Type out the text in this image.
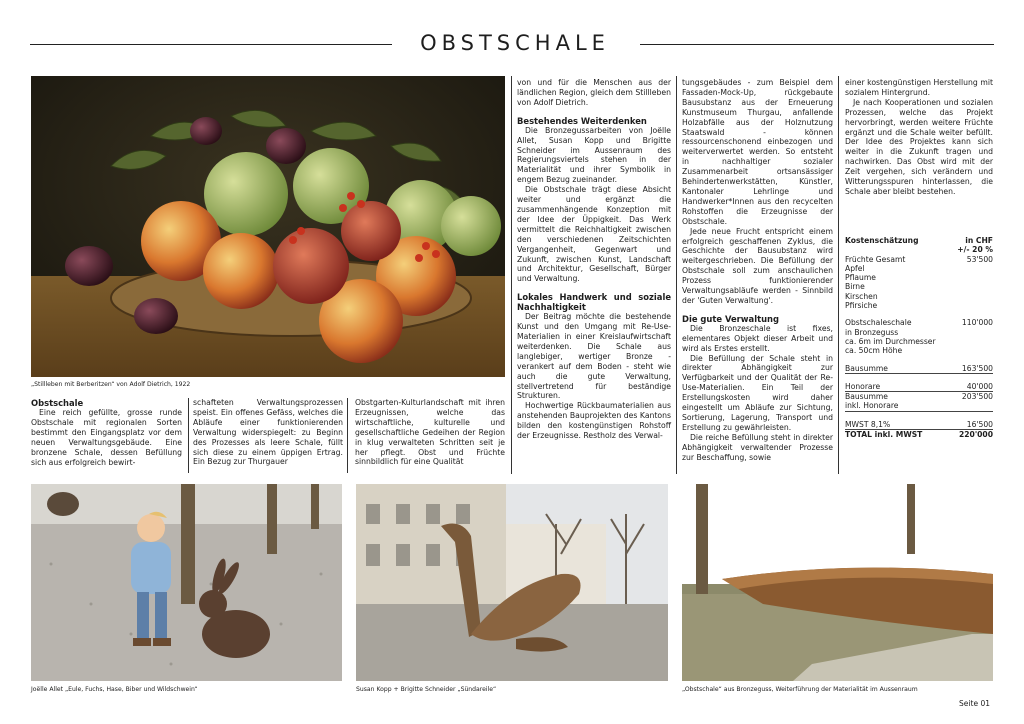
OBSTSCHALE
„Stillleben mit Berberitzen“ von Adolf Dietrich, 1922
Obstschale

Eine reich gefüllte, grosse runde Obstschale mit regionalen Sorten bestimmt den Eingangsplatz vor dem neuen Verwaltungsgebäude. Eine bronzene Schale, dessen Befüllung sich aus erfolgreich bewirt-

schafteten Verwaltungsprozessen speist. Ein offenes Gefäss, welches die Abläufe einer funktionierenden Verwaltung widerspiegelt: zu Beginn des Prozesses als leere Schale, füllt sich diese zu einem üppigen Ertrag. Ein Bezug zur Thurgauer

Obstgarten-Kulturlandschaft mit ihren Erzeugnissen, welche das wirtschaftliche, kulturelle und gesellschaftliche Gedeihen der Region in klug verwalteten Schritten seit je her pflegt. Obst und Früchte sinnbildlich für eine Qualität

von und für die Menschen aus der ländlichen Region, gleich dem Stillleben von Adolf Dietrich.

Bestehendes Weiterdenken

Die Bronzegussarbeiten von Joëlle Allet, Susan Kopp und Brigitte Schneider im Aussenraum des Regierungsviertels stehen in der Materialität und ihrer Symbolik in engem Bezug zueinander.

Die Obstschale trägt diese Absicht weiter und ergänzt die zusammenhängende Konzeption mit der Idee der Üppigkeit. Das Werk vermittelt die Reichhaltigkeit zwischen den verschiedenen Zeitschichten Vergangenheit, Gegenwart und Zukunft, zwischen Kunst, Landschaft und Architektur, Gesellschaft, Bürger und Verwaltung.

Lokales Handwerk und soziale Nachhaltigkeit

Der Beitrag möchte die bestehende Kunst und den Umgang mit Re-Use-Materialien in einer Kreislaufwirtschaft weiterdenken. Die Schale aus langlebiger, wertiger Bronze - verankert auf dem Boden - steht wie auch die gute Verwaltung, stellvertretend für beständige Strukturen.

Hochwertige Rückbaumaterialien aus anstehenden Bauprojekten des Kantons bilden den kostengünstigen Rohstoff der Erzeugnisse. Restholz des Verwal-

tungsgebäudes - zum Beispiel dem Fassaden-Mock-Up, rückgebaute Bausubstanz aus der Erneuerung Kunstmuseum Thurgau, anfallende Holzabfälle aus der Holznutzung Staatswald - können ressourcenschonend einbezogen und weiterverwertet werden. So entsteht in nachhaltiger sozialer Zusammenarbeit ortsansässiger Behindertenwerkstätten, Künstler, Kantonaler Lehrlinge und Handwerker*Innen aus den recycelten Rohstoffen die Erzeugnisse der Obstschale.

Jede neue Frucht entspricht einem erfolgreich geschaffenen Zyklus, die Geschichte der Bausubstanz wird weitergeschrieben. Die Befüllung der Obstschale soll zum anschaulichen Prozess funktionierender Verwaltungsabläufe werden - Sinnbild der 'Guten Verwaltung'.

Die gute Verwaltung

Die Bronzeschale ist fixes, elementares Objekt dieser Arbeit und wird als Erstes erstellt.

Die Befüllung der Schale steht in direkter Abhängigkeit zur Verfügbarkeit und der Qualität der Re-Use-Materialien. Ein Teil der Erstellungskosten wird daher eingestellt um Abläufe zur Sichtung, Sortierung, Lagerung, Transport und Erstellung zu gewährleisten.

Die reiche Befüllung steht in direkter Abhängigkeit verwaltender Prozesse zur Beschaffung, sowie

einer kostengünstigen Herstellung mit sozialem Hintergrund.

Je nach Kooperationen und sozialen Prozessen, welche das Projekt hervorbringt, werden weitere Früchte ergänzt und die Schale weiter befüllt. Der Idee des Projektes kann sich weiter in die Zukunft tragen und nachwirken. Das Obst wird mit der Zeit vergehen, sich verändern und Witterungsspuren hinterlassen, die Schale aber bleibt bestehen.

Kostenschätzung	in CHF
+/- 20 %
Früchte Gesamt	53'500
Apfel
Pflaume
Birne
Kirschen
Pfirsiche
Obstschaleschale	110'000
in Bronzeguss
ca. 6m im Durchmesser
ca. 50cm Höhe
Bausumme	163'500
Honorare	40'000
Bausumme	203'500
inkl. Honorare
MWST 8,1%	16'500
TOTAL inkl. MWST	220'000
Joëlle Allet „Eule, Fuchs, Hase, Biber und Wildschwein“	Susan Kopp + Brigitte Schneider „Sündareile“	„Obstschale“ aus Bronzeguss, Weiterführung der Materialität im Aussenraum
Seite 01
